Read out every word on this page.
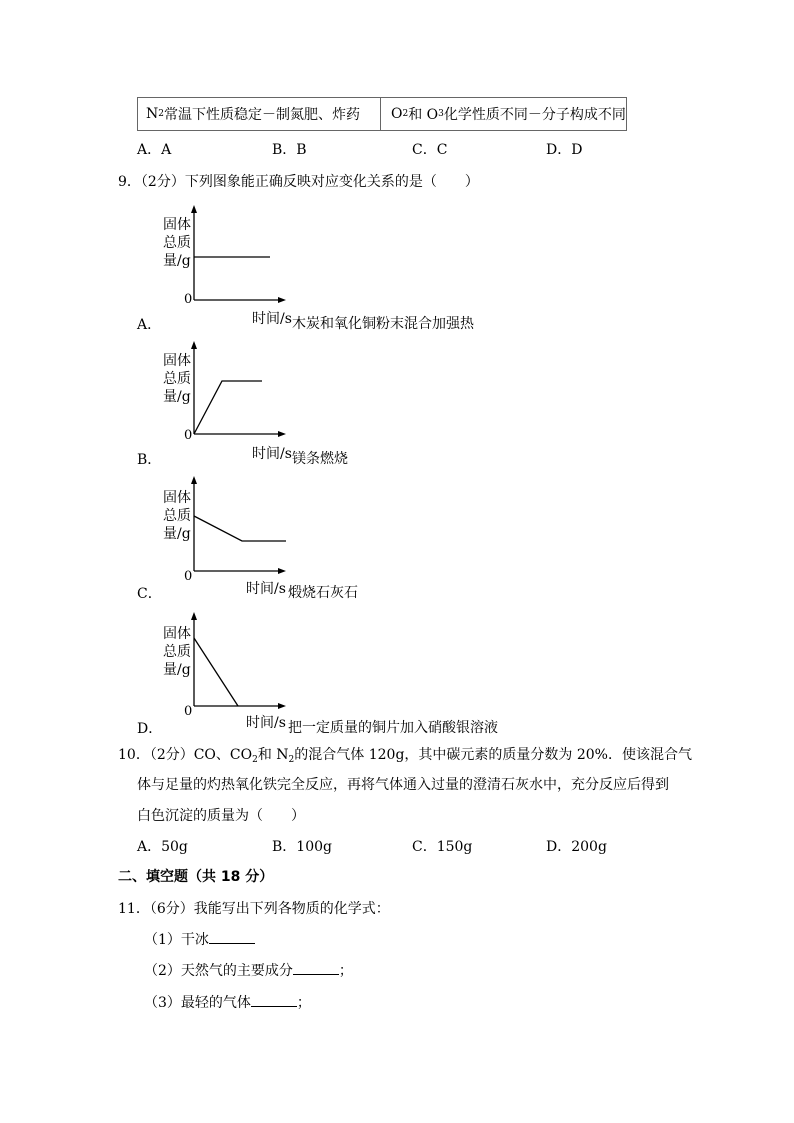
N 2 常温下性质稳定－制氮肥、炸药 O 2 和 O 3 化学性质不同－分子构成不同
A．A	B．B	C．C	D．D
9．（2分）下列图象能正确反映对应变化关系的是（　　）
固体
总质
量/g
0
A．	时间/s 木炭和氧化铜粉末混合加强热
固体
总质
量/g
0
B．	时间/s 镁条燃烧
固体
总质
量/g
0
C．	时间/s 煅烧石灰石
固体
总质
量/g
0
D．	时间/s 把一定质量的铜片加入硝酸银溶液
10．（2分）CO、$CO_2$和 $N_2$的混合气体 120g，其中碳元素的质量分数为 20%．使该混合气
体与足量的灼热氧化铁完全反应，再将气体通入过量的澄清石灰水中，充分反应后得到
白色沉淀的质量为（　　）
A．50g	B．100g	C．150g	D．200g
二、填空题（共 18 分）
11．（6分）我能写出下列各物质的化学式：
（1）干冰
（2）天然气的主要成分	；
（3）最轻的气体	；
